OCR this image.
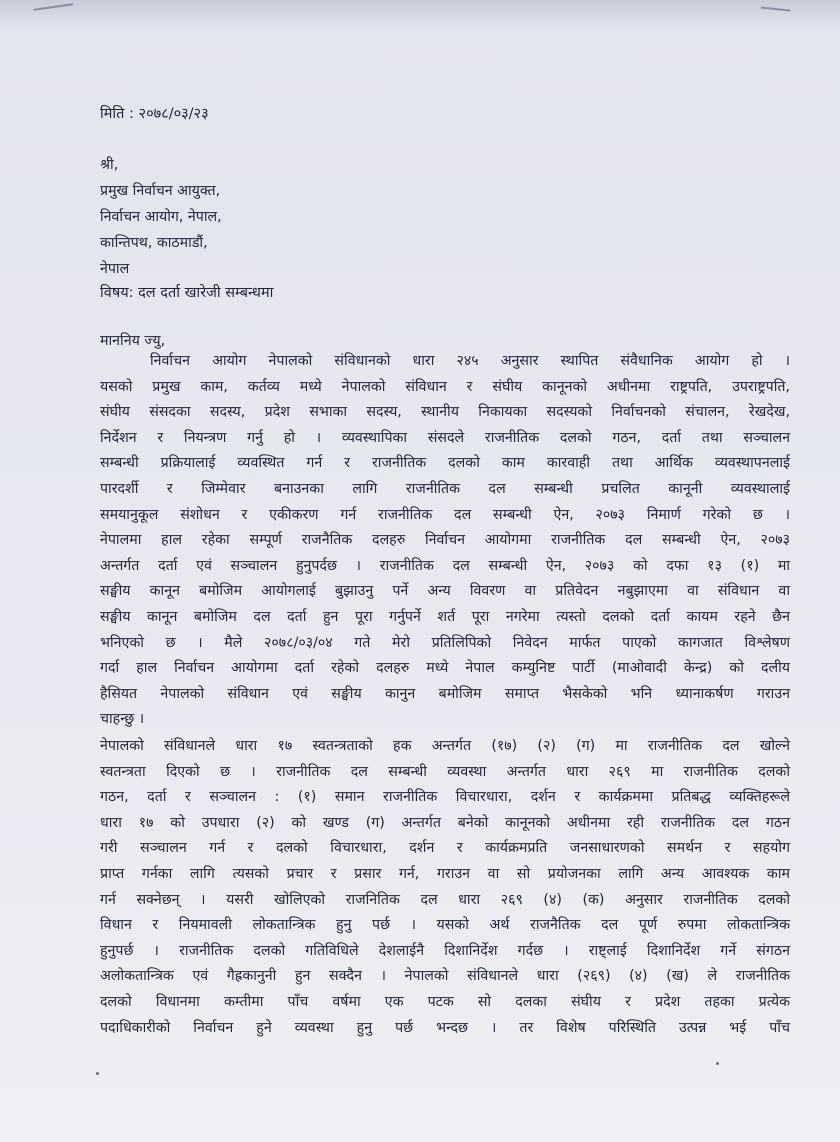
मिति : २०७८/०३/२३
श्री,
प्रमुख निर्वाचन आयुक्त,
निर्वाचन आयोग, नेपाल,
कान्तिपथ, काठमाडौं,
नेपाल
विषय: दल दर्ता खारेजी सम्बन्धमा
माननिय ज्यु,
निर्वाचन आयोग नेपालको संविधानको धारा २४५ अनुसार स्थापित संवैधानिक आयोग हो ।
यसको प्रमुख काम, कर्तव्य मध्ये नेपालको संविधान र संघीय कानूनको अधीनमा राष्ट्रपति, उपराष्ट्रपति,
संघीय संसदका सदस्य, प्रदेश सभाका सदस्य, स्थानीय निकायका सदस्यको निर्वाचनको संचालन, रेखदेख,
निर्देशन र नियन्त्रण गर्नु हो । व्यवस्थापिका संसदले राजनीतिक दलको गठन, दर्ता तथा सञ्चालन
सम्बन्धी प्रक्रियालाई व्यवस्थित गर्न र राजनीतिक दलको काम कारवाही तथा आर्थिक व्यवस्थापनलाई
पारदर्शी र जिम्मेवार बनाउनका लागि राजनीतिक दल सम्बन्धी प्रचलित कानूनी व्यवस्थालाई
समयानुकूल संशोधन र एकीकरण गर्न राजनीतिक दल सम्बन्धी ऐन, २०७३ निमार्ण गरेको छ ।
नेपालमा हाल रहेका सम्पूर्ण राजनैतिक दलहरु निर्वाचन आयोगमा राजनीतिक दल सम्बन्धी ऐन, २०७३
अन्तर्गत दर्ता एवं सञ्चालन हुनुपर्दछ । राजनीतिक दल सम्बन्धी ऐन, २०७३ को दफा १३ (१) मा
सङ्घीय कानून बमोजिम आयोगलाई बुझाउनु पर्ने अन्य विवरण वा प्रतिवेदन नबुझाएमा वा संविधान वा
सङ्घीय कानून बमोजिम दल दर्ता हुन पूरा गर्नुपर्ने शर्त पूरा नगरेमा त्यस्तो दलको दर्ता कायम रहने छैन
भनिएको छ । मैले २०७८/०३/०४ गते मेरो प्रतिलिपिको निवेदन मार्फत पाएको कागजात विश्लेषण
गर्दा हाल निर्वाचन आयोगमा दर्ता रहेको दलहरु मध्ये नेपाल कम्युनिष्ट पार्टी (माओवादी केन्द्र) को दलीय
हैसियत नेपालको संविधान एवं सङ्घीय कानुन बमोजिम समाप्त भैसकेको भनि ध्यानाकर्षण गराउन
चाहन्छु ।
नेपालको संविधानले धारा १७ स्वतन्त्रताको हक अन्तर्गत (१७) (२) (ग) मा राजनीतिक दल खोल्ने
स्वतन्त्रता दिएको छ । राजनीतिक दल सम्बन्धी व्यवस्था अन्तर्गत धारा २६९ मा राजनीतिक दलको
गठन, दर्ता र सञ्चालन : (१) समान राजनीतिक विचारधारा, दर्शन र कार्यक्रममा प्रतिबद्ध व्यक्तिहरूले
धारा १७ को उपधारा (२) को खण्ड (ग) अन्तर्गत बनेको कानूनको अधीनमा रही राजनीतिक दल गठन
गरी सञ्चालन गर्न र दलको विचारधारा, दर्शन र कार्यक्रमप्रति जनसाधारणको समर्थन र सहयोग
प्राप्त गर्नका लागि त्यसको प्रचार र प्रसार गर्न, गराउन वा सो प्रयोजनका लागि अन्य आवश्यक काम
गर्न सक्नेछन् । यसरी खोलिएको राजनितिक दल धारा २६९ (४) (क) अनुसार राजनीतिक दलको
विधान र नियमावली लोकतान्त्रिक हुनु पर्छ । यसको अर्थ राजनैतिक दल पूर्ण रुपमा लोकतान्त्रिक
हुनुपर्छ । राजनीतिक दलको गतिविधिले देशलाईनै दिशानिर्देश गर्दछ । राष्ट्लाई दिशानिर्देश गर्ने संगठन
अलोकतान्त्रिक एवं गैह्रकानुनी हुन सक्दैन । नेपालको संविधानले धारा (२६९) (४) (ख) ले राजनीतिक
दलको विधानमा कम्तीमा पाँच वर्षमा एक पटक सो दलका संघीय र प्रदेश तहका प्रत्येक
पदाधिकारीको निर्वाचन हुने व्यवस्था हुनु पर्छ भन्दछ । तर विशेष परिस्थिति उत्पन्न भई पाँच
